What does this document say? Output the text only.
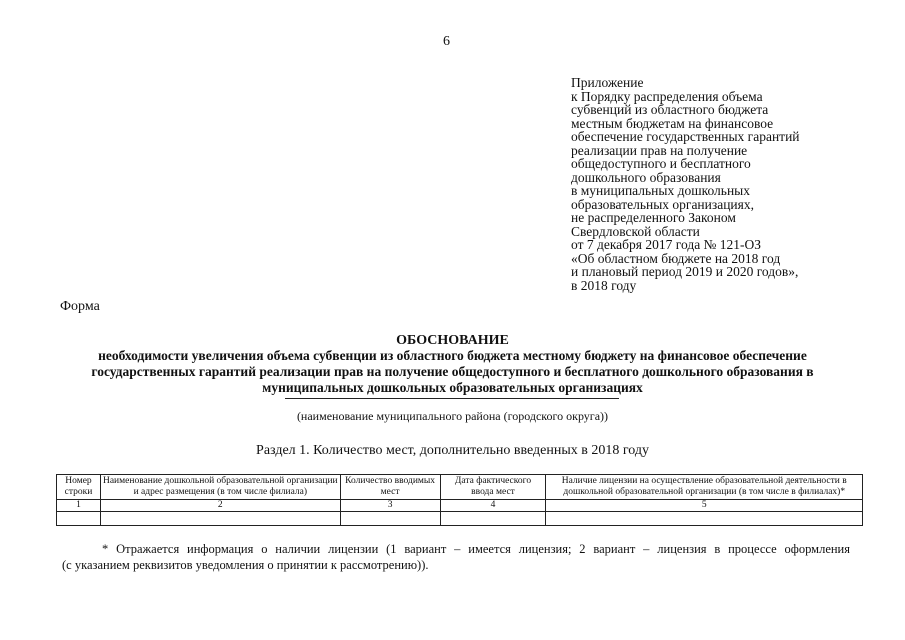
6
Приложение
к Порядку распределения объема
субвенций из областного бюджета
местным бюджетам на финансовое
обеспечение государственных гарантий
реализации прав на получение
общедоступного и бесплатного
дошкольного образования
в муниципальных дошкольных
образовательных организациях,
не распределенного Законом
Свердловской области
от 7 декабря 2017 года № 121-ОЗ
«Об областном бюджете на 2018 год
и плановый период 2019 и 2020 годов»,
в 2018 году
Форма
ОБОСНОВАНИЕ
необходимости увеличения объема субвенции из областного бюджета местному бюджету на финансовое обеспечение государственных гарантий реализации прав на получение общедоступного и бесплатного дошкольного образования в муниципальных дошкольных образовательных организациях
(наименование муниципального района (городского округа))
Раздел 1. Количество мест, дополнительно введенных в 2018 году
Номер строки	Наименование дошкольной образовательной организации и адрес размещения (в том числе филиала)	Количество вводимых мест	Дата фактического ввода мест	Наличие лицензии на осуществление образовательной деятельности в дошкольной образовательной организации (в том числе в филиалах)*
1	2	3	4	5

* Отражается информация о наличии лицензии (1 вариант – имеется лицензия; 2 вариант – лицензия в процессе оформления
(с указанием реквизитов уведомления о принятии к рассмотрению)).
